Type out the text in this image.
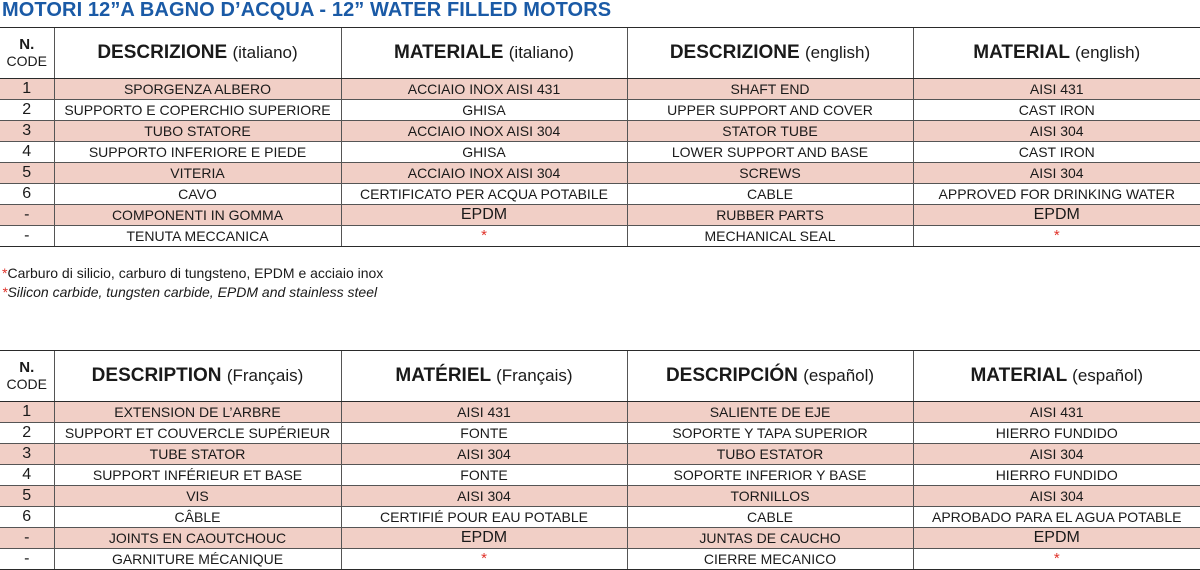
MOTORI 12”A BAGNO D’ACQUA - 12” WATER FILLED MOTORS
N.
CODE	DESCRIZIONE (italiano)	MATERIALE (italiano)	DESCRIZIONE (english)	MATERIAL (english)
1	SPORGENZA ALBERO	ACCIAIO INOX AISI 431	SHAFT END	AISI 431
2	SUPPORTO E COPERCHIO SUPERIORE	GHISA	UPPER SUPPORT AND COVER	CAST IRON
3	TUBO STATORE	ACCIAIO INOX AISI 304	STATOR TUBE	AISI 304
4	SUPPORTO INFERIORE E PIEDE	GHISA	LOWER SUPPORT AND BASE	CAST IRON
5	VITERIA	ACCIAIO INOX AISI 304	SCREWS	AISI 304
6	CAVO	CERTIFICATO PER ACQUA POTABILE	CABLE	APPROVED FOR DRINKING WATER
-	COMPONENTI IN GOMMA	EPDM	RUBBER PARTS	EPDM
-	TENUTA MECCANICA	*	MECHANICAL SEAL	*
*Carburo di silicio, carburo di tungsteno, EPDM e acciaio inox
*Silicon carbide, tungsten carbide, EPDM and stainless steel
N.
CODE	DESCRIPTION (Français)	MATÉRIEL (Français)	DESCRIPCIÓN (español)	MATERIAL (español)
1	EXTENSION DE L’ARBRE	AISI 431	SALIENTE DE EJE	AISI 431
2	SUPPORT ET COUVERCLE SUPÉRIEUR	FONTE	SOPORTE Y TAPA SUPERIOR	HIERRO FUNDIDO
3	TUBE STATOR	AISI 304	TUBO ESTATOR	AISI 304
4	SUPPORT INFÉRIEUR ET BASE	FONTE	SOPORTE INFERIOR Y BASE	HIERRO FUNDIDO
5	VIS	AISI 304	TORNILLOS	AISI 304
6	CÂBLE	CERTIFIÉ POUR EAU POTABLE	CABLE	APROBADO PARA EL AGUA POTABLE
-	JOINTS EN CAOUTCHOUC	EPDM	JUNTAS DE CAUCHO	EPDM
-	GARNITURE MÉCANIQUE	*	CIERRE MECANICO	*
